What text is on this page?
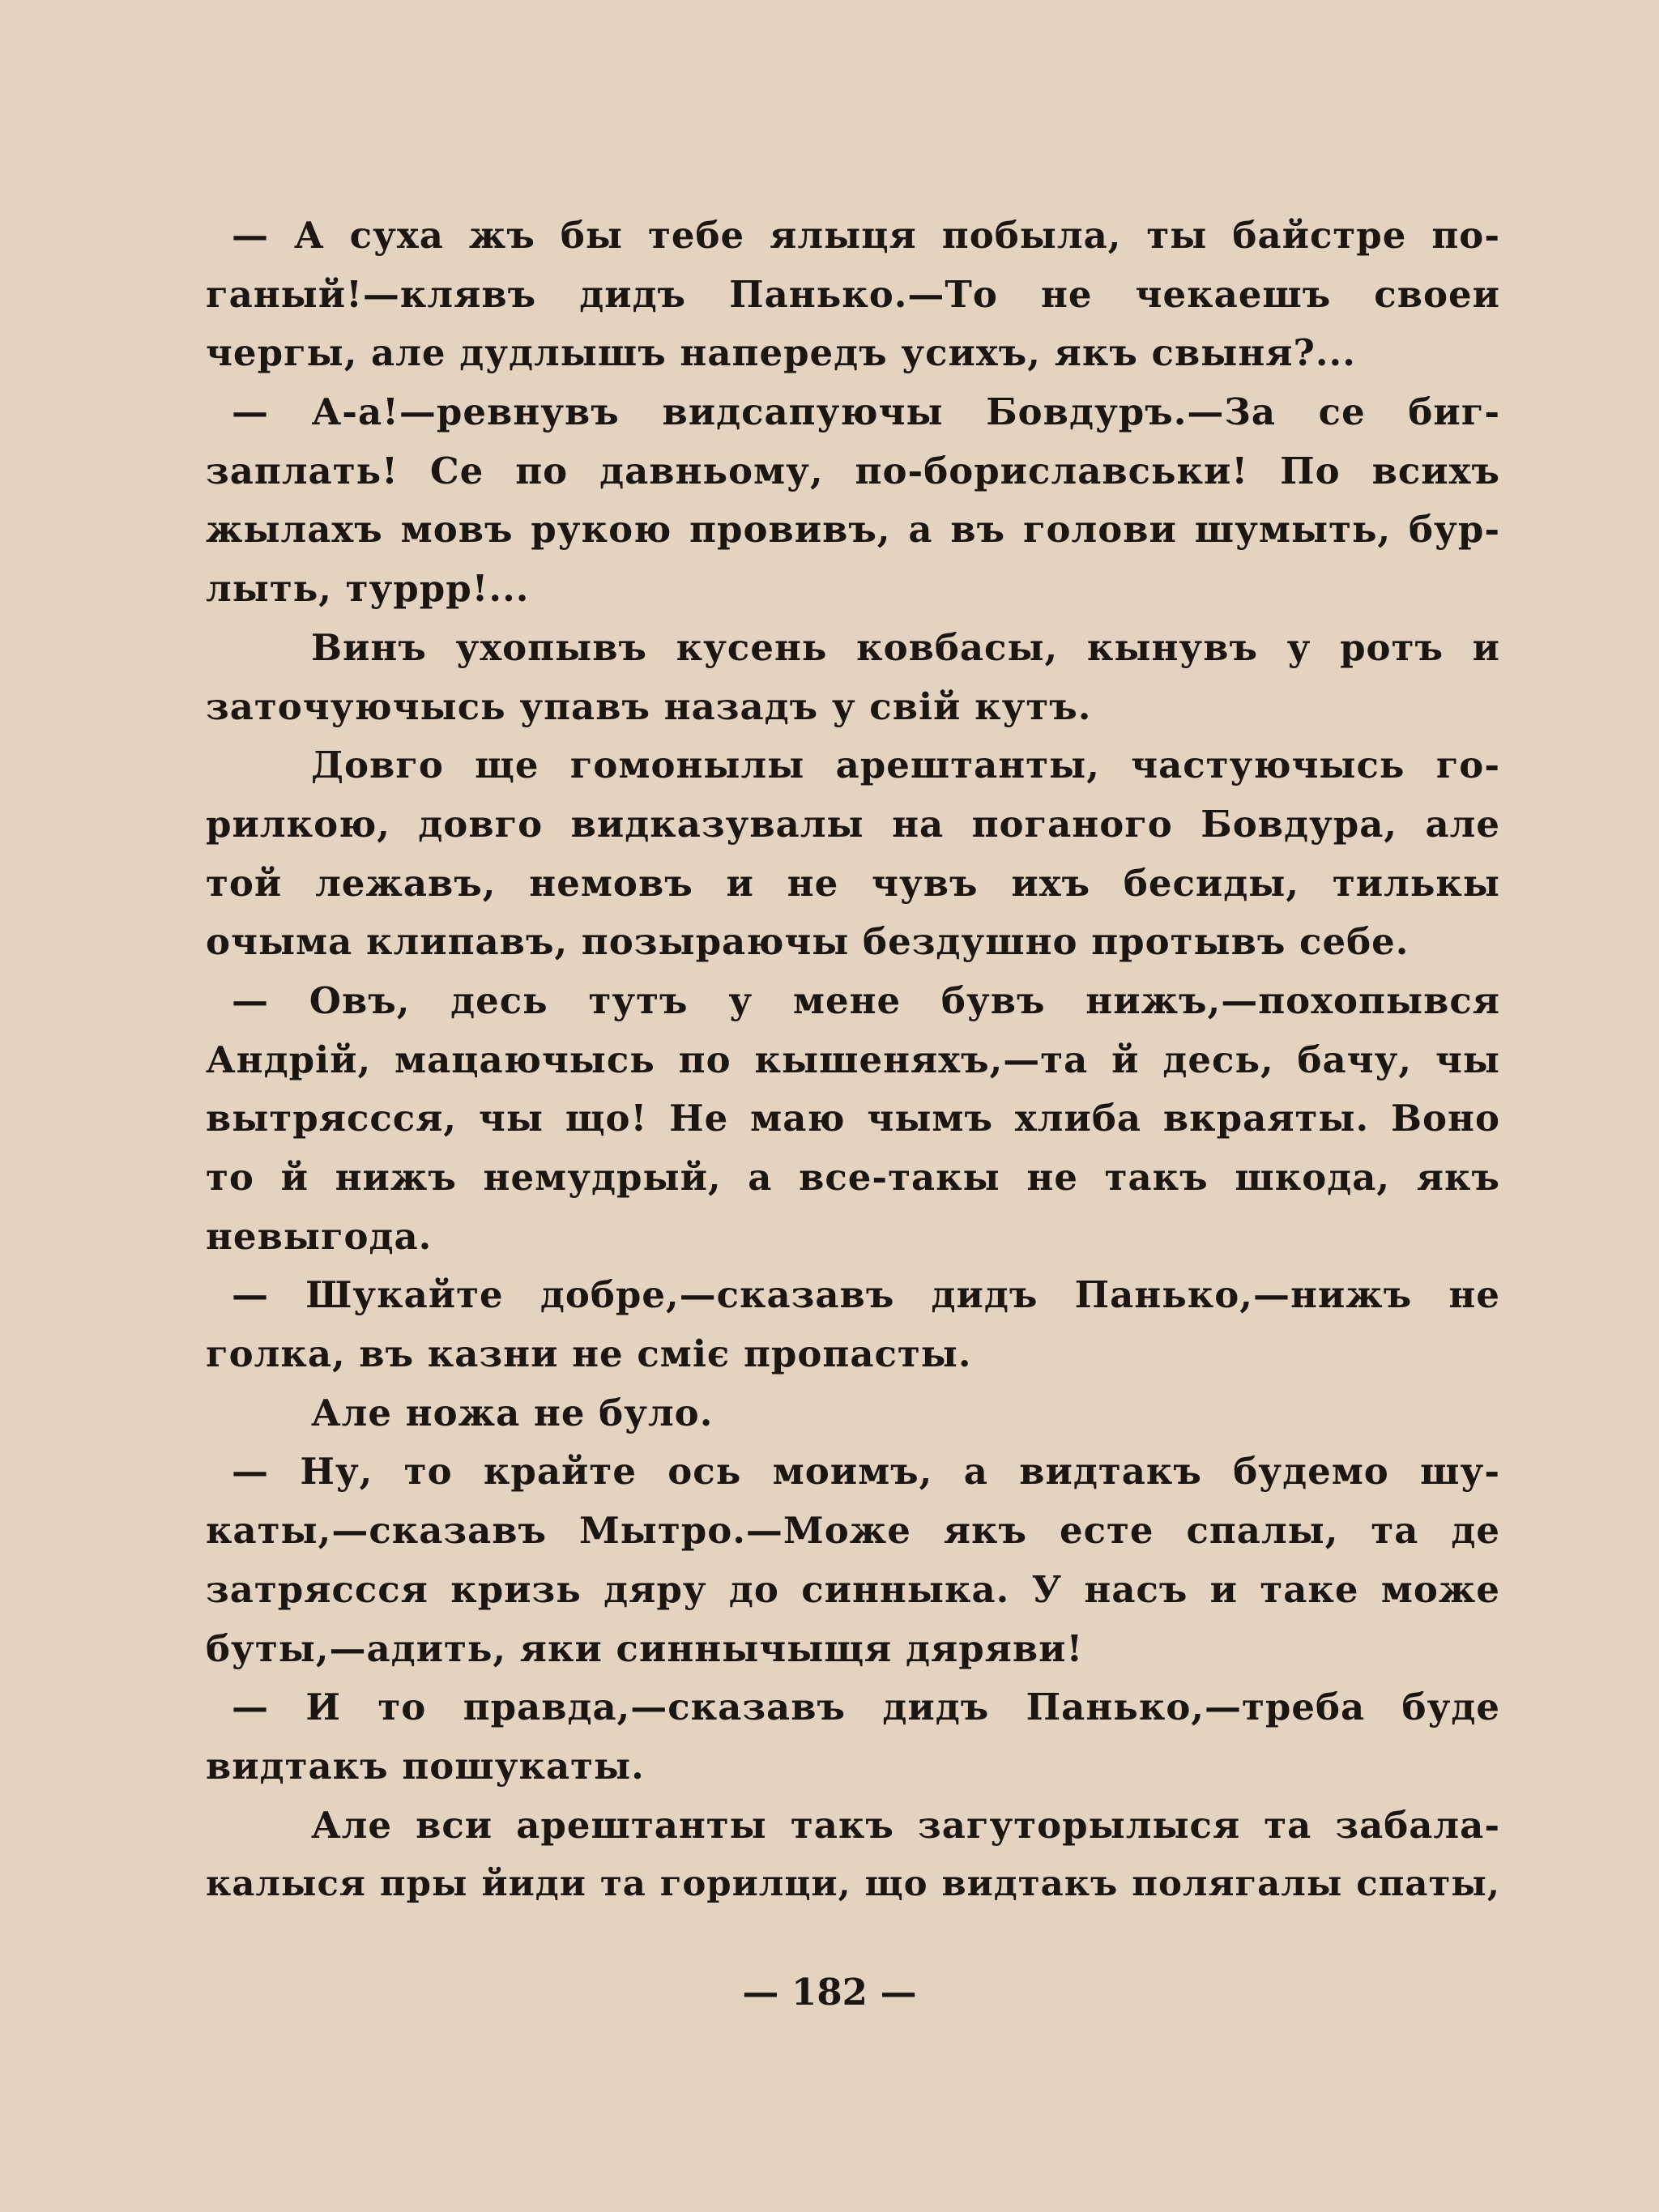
— А суха жъ бы тебе ялыця побыла, ты байстре по-
ганый!—клявъ дидъ Панько.—То не чекаешъ своеи
чергы, але дудлышъ напередъ усихъ, якъ свыня?...
— А-а!—ревнувъ видсапуючы Бовдуръ.—За се биг-
заплать! Се по давньому, по-бориславськи! По всихъ
жылахъ мовъ рукою провивъ, а въ голови шумыть, бур-
лыть, туррр!...
Винъ ухопывъ кусень ковбасы, кынувъ у ротъ и
заточуючысь упавъ назадъ у свій кутъ.
Довго ще гомонылы арештанты, частуючысь го-
рилкою, довго видказувалы на поганого Бовдура, але
той лежавъ, немовъ и не чувъ ихъ бесиды, тилькы
очыма клипавъ, позыраючы бездушно протывъ себе.
— Овъ, десь тутъ у мене бувъ нижъ,—похопывся
Андрій, мацаючысь по кышеняхъ,—та й десь, бачу, чы
вытряссся, чы що! Не маю чымъ хлиба вкраяты. Воно
то й нижъ немудрый, а все-такы не такъ шкода, якъ
невыгода.
— Шукайте добре,—сказавъ дидъ Панько,—нижъ не
голка, въ казни не сміє пропасты.
Але ножа не було.
— Ну, то крайте ось моимъ, а видтакъ будемо шу-
каты,—сказавъ Мытро.—Може якъ есте спалы, та де
затряссся кризь дяру до синныка. У насъ и таке може
буты,—адить, яки синнычыщя дяряви!
— И то правда,—сказавъ дидъ Панько,—треба буде
видтакъ пошукаты.
Але вси арештанты такъ загуторылыся та забала-
калыся пры йиди та горилци, що видтакъ полягалы спаты,
— 182 —
